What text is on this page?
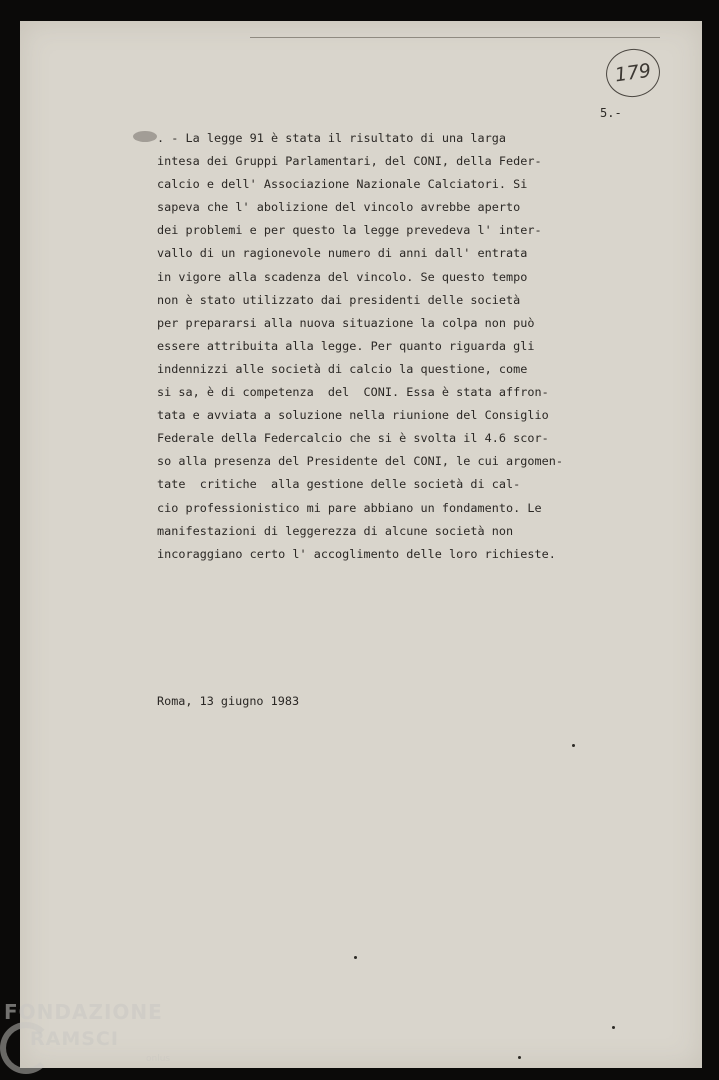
179
5.-
. - La legge 91 è stata il risultato di una larga
intesa dei Gruppi Parlamentari, del CONI, della Feder-
calcio e dell' Associazione Nazionale Calciatori. Si
sapeva che l' abolizione del vincolo avrebbe aperto
dei problemi e per questo la legge prevedeva l' inter-
vallo di un ragionevole numero di anni dall' entrata
in vigore alla scadenza del vincolo. Se questo tempo
non è stato utilizzato dai presidenti delle società
per prepararsi alla nuova situazione la colpa non può
essere attribuita alla legge. Per quanto riguarda gli
indennizzi alle società di calcio la questione, come
si sa, è di competenza  del  CONI. Essa è stata affron-
tata e avviata a soluzione nella riunione del Consiglio
Federale della Federcalcio che si è svolta il 4.6 scor-
so alla presenza del Presidente del CONI, le cui argomen-
tate  critiche  alla gestione delle società di cal-
cio professionistico mi pare abbiano un fondamento. Le
manifestazioni di leggerezza di alcune società non
incoraggiano certo l' accoglimento delle loro richieste.
Roma, 13 giugno 1983
FONDAZIONE
RAMSCI
onlus
